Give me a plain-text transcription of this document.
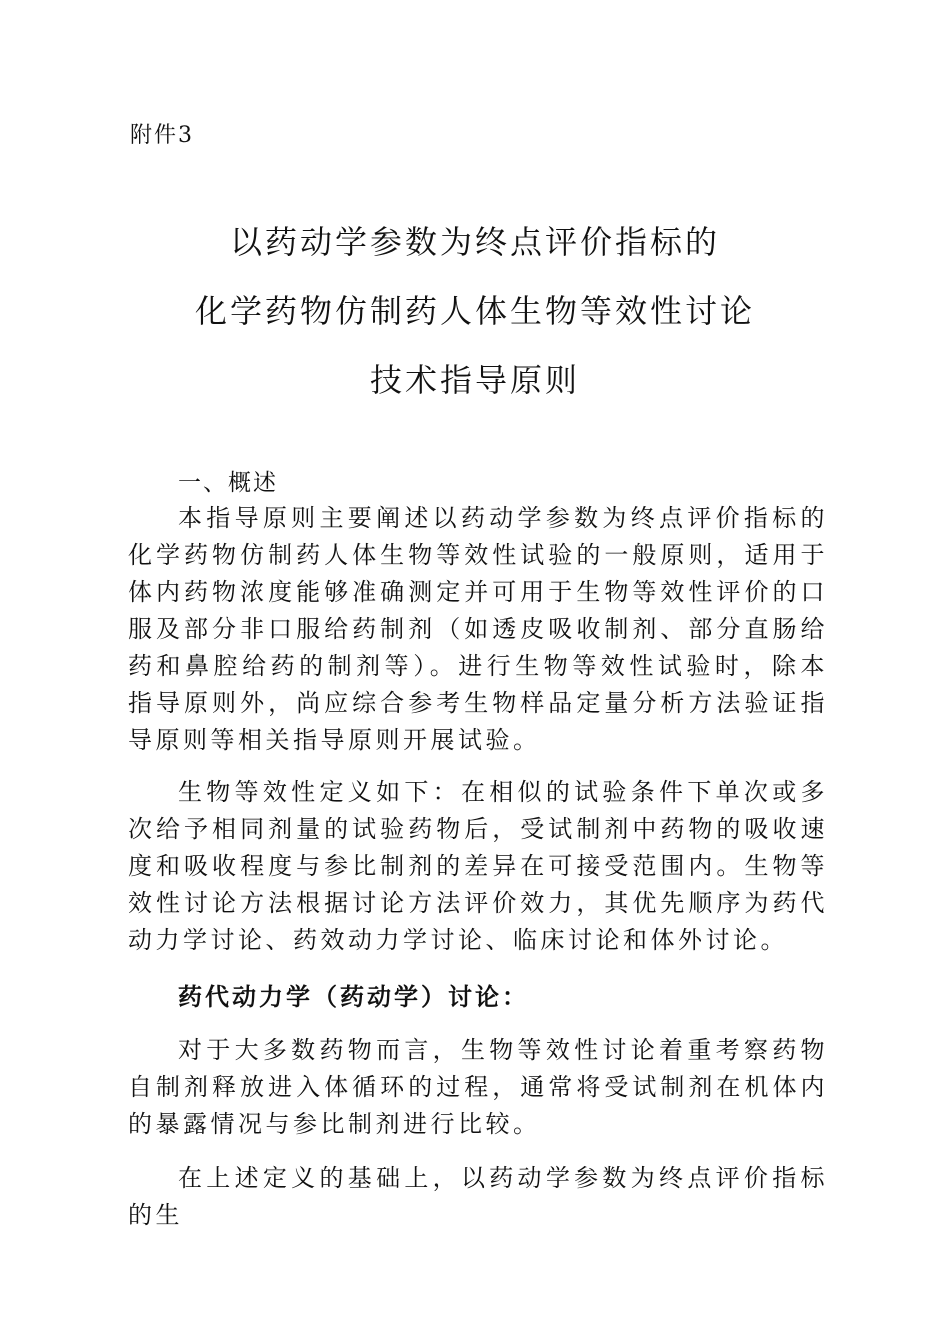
附件3
以药动学参数为终点评价指标的
化学药物仿制药人体生物等效性讨论
技术指导原则
一、概述

本指导原则主要阐述以药动学参数为终点评价指标的化学药物仿制药人体生物等效性试验的一般原则，适用于体内药物浓度能够准确测定并可用于生物等效性评价的口服及部分非口服给药制剂（如透皮吸收制剂、部分直肠给药和鼻腔给药的制剂等）。进行生物等效性试验时，除本指导原则外，尚应综合参考生物样品定量分析方法验证指导原则等相关指导原则开展试验。

生物等效性定义如下：在相似的试验条件下单次或多次给予相同剂量的试验药物后，受试制剂中药物的吸收速度和吸收程度与参比制剂的差异在可接受范围内。生物等效性讨论方法根据讨论方法评价效力，其优先顺序为药代动力学讨论、药效动力学讨论、临床讨论和体外讨论。

药代动力学（药动学）讨论：

对于大多数药物而言，生物等效性讨论着重考察药物自制剂释放进入体循环的过程，通常将受试制剂在机体内的暴露情况与参比制剂进行比较。

在上述定义的基础上，以药动学参数为终点评价指标的生
